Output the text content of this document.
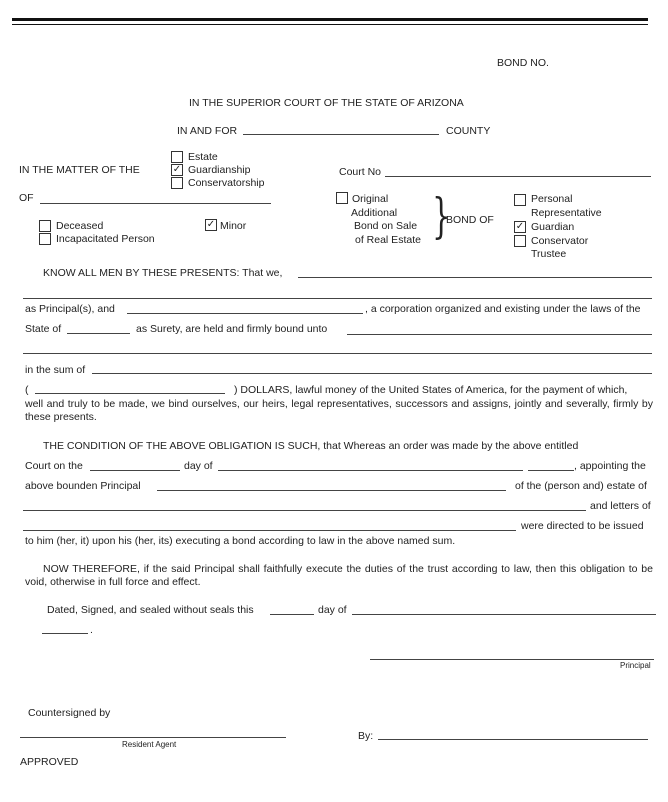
BOND NO.
IN THE SUPERIOR COURT OF THE STATE OF ARIZONA
IN AND FOR	COUNTY
IN THE MATTER OF THE
Estate
✓ Guardianship
Conservatorship
Court No
OF
Deceased
Incapacitated Person
✓ Minor
Original
Additional
Bond on Sale
of Real Estate }
BOND OF
Personal
Representative
✓ Guardian
Conservator
Trustee
KNOW ALL MEN BY THESE PRESENTS: That we,
as Principal(s), and	, a corporation organized and existing under the laws of the
State of	as Surety, are held and firmly bound unto
in the sum of
(	) DOLLARS, lawful money of the United States of America, for the payment of which,
well and truly to be made, we bind ourselves, our heirs, legal representatives, successors and assigns, jointly and severally, firmly by these presents.
THE CONDITION OF THE ABOVE OBLIGATION IS SUCH, that Whereas an order was made by the above entitled
Court on the	day of	, appointing the
above bounden Principal	of the (person and) estate of
and letters of
were directed to be issued
to him (her, it) upon his (her, its) executing a bond according to law in the above named sum.
NOW THEREFORE, if the said Principal shall faithfully execute the duties of the trust according to law, then this obligation to be void, otherwise in full force and effect.
Dated, Signed, and sealed without seals this	day of
.
Principal
Countersigned by
Resident Agent
By:
APPROVED
